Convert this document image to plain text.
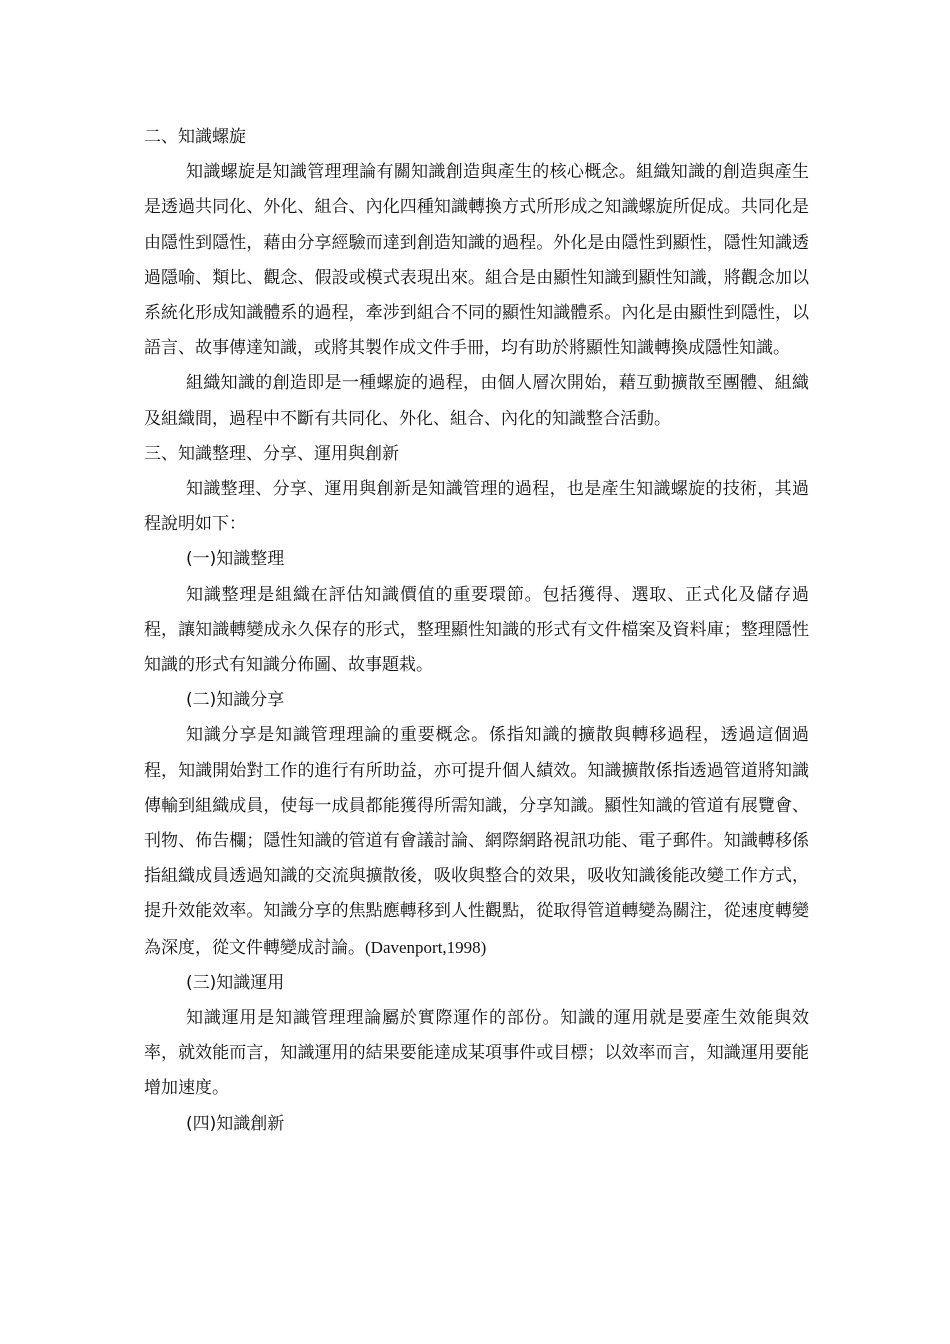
二、知識螺旋

知識螺旋是知識管理理論有關知識創造與產生的核心概念。組織知識的創造與產生是透過共同化、外化、組合、內化四種知識轉換方式所形成之知識螺旋所促成。共同化是由隱性到隱性，藉由分享經驗而達到創造知識的過程。外化是由隱性到顯性，隱性知識透過隱喻、類比、觀念、假設或模式表現出來。組合是由顯性知識到顯性知識，將觀念加以系統化形成知識體系的過程，牽涉到組合不同的顯性知識體系。內化是由顯性到隱性，以語言、故事傳達知識，或將其製作成文件手冊，均有助於將顯性知識轉換成隱性知識。

組織知識的創造即是一種螺旋的過程，由個人層次開始，藉互動擴散至團體、組織及組織間，過程中不斷有共同化、外化、組合、內化的知識整合活動。

三、知識整理、分享、運用與創新

知識整理、分享、運用與創新是知識管理的過程，也是產生知識螺旋的技術，其過程說明如下：

(一)知識整理

知識整理是組織在評估知識價值的重要環節。包括獲得、選取、正式化及儲存過程，讓知識轉變成永久保存的形式，整理顯性知識的形式有文件檔案及資料庫；整理隱性知識的形式有知識分佈圖、故事題栽。

(二)知識分享

知識分享是知識管理理論的重要概念。係指知識的擴散與轉移過程，透過這個過程，知識開始對工作的進行有所助益，亦可提升個人績效。知識擴散係指透過管道將知識傳輸到組織成員，使每一成員都能獲得所需知識，分享知識。顯性知識的管道有展覽會、刊物、佈告欄；隱性知識的管道有會議討論、網際網路視訊功能、電子郵件。知識轉移係指組織成員透過知識的交流與擴散後，吸收與整合的效果，吸收知識後能改變工作方式，提升效能效率。知識分享的焦點應轉移到人性觀點，從取得管道轉變為關注，從速度轉變為深度，從文件轉變成討論。(Davenport,1998)

(三)知識運用

知識運用是知識管理理論屬於實際運作的部份。知識的運用就是要產生效能與效率，就效能而言，知識運用的結果要能達成某項事件或目標；以效率而言，知識運用要能增加速度。

(四)知識創新
